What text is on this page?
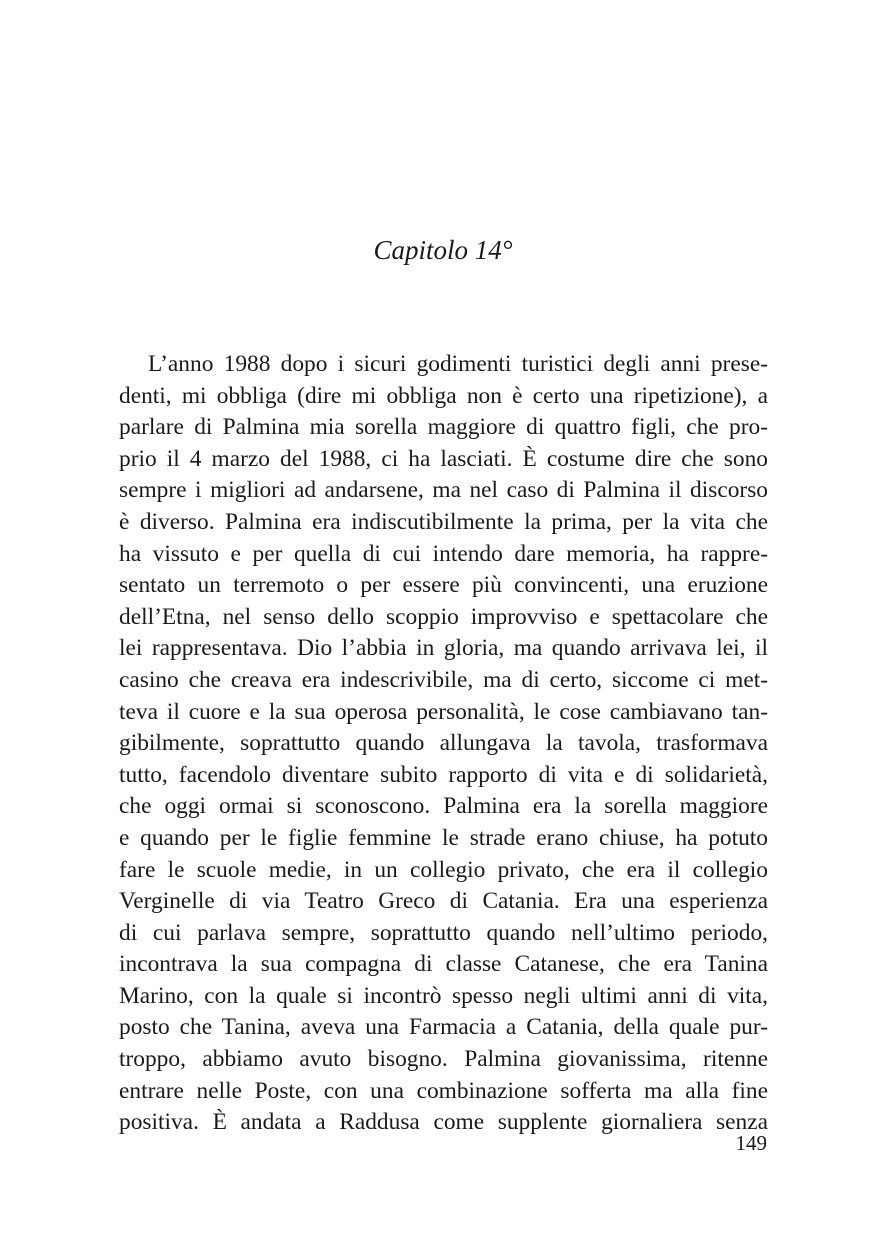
Capitolo 14°
L’anno 1988 dopo i sicuri godimenti turistici degli anni prese-
denti, mi obbliga (dire mi obbliga non è certo una ripetizione), a
parlare di Palmina mia sorella maggiore di quattro figli, che pro-
prio il 4 marzo del 1988, ci ha lasciati. È costume dire che sono
sempre i migliori ad andarsene, ma nel caso di Palmina il discorso
è diverso. Palmina era indiscutibilmente la prima, per la vita che
ha vissuto e per quella di cui intendo dare memoria, ha rappre-
sentato un terremoto o per essere più convincenti, una eruzione
dell’Etna, nel senso dello scoppio improvviso e spettacolare che
lei rappresentava. Dio l’abbia in gloria, ma quando arrivava lei, il
casino che creava era indescrivibile, ma di certo, siccome ci met-
teva il cuore e la sua operosa personalità, le cose cambiavano tan-
gibilmente, soprattutto quando allungava la tavola, trasformava
tutto, facendolo diventare subito rapporto di vita e di solidarietà,
che oggi ormai si sconoscono. Palmina era la sorella maggiore
e quando per le figlie femmine le strade erano chiuse, ha potuto
fare le scuole medie, in un collegio privato, che era il collegio
Verginelle di via Teatro Greco di Catania. Era una esperienza
di cui parlava sempre, soprattutto quando nell’ultimo periodo,
incontrava la sua compagna di classe Catanese, che era Tanina
Marino, con la quale si incontrò spesso negli ultimi anni di vita,
posto che Tanina, aveva una Farmacia a Catania, della quale pur-
troppo, abbiamo avuto bisogno. Palmina giovanissima, ritenne
entrare nelle Poste, con una combinazione sofferta ma alla fine
positiva. È andata a Raddusa come supplente giornaliera senza
149
